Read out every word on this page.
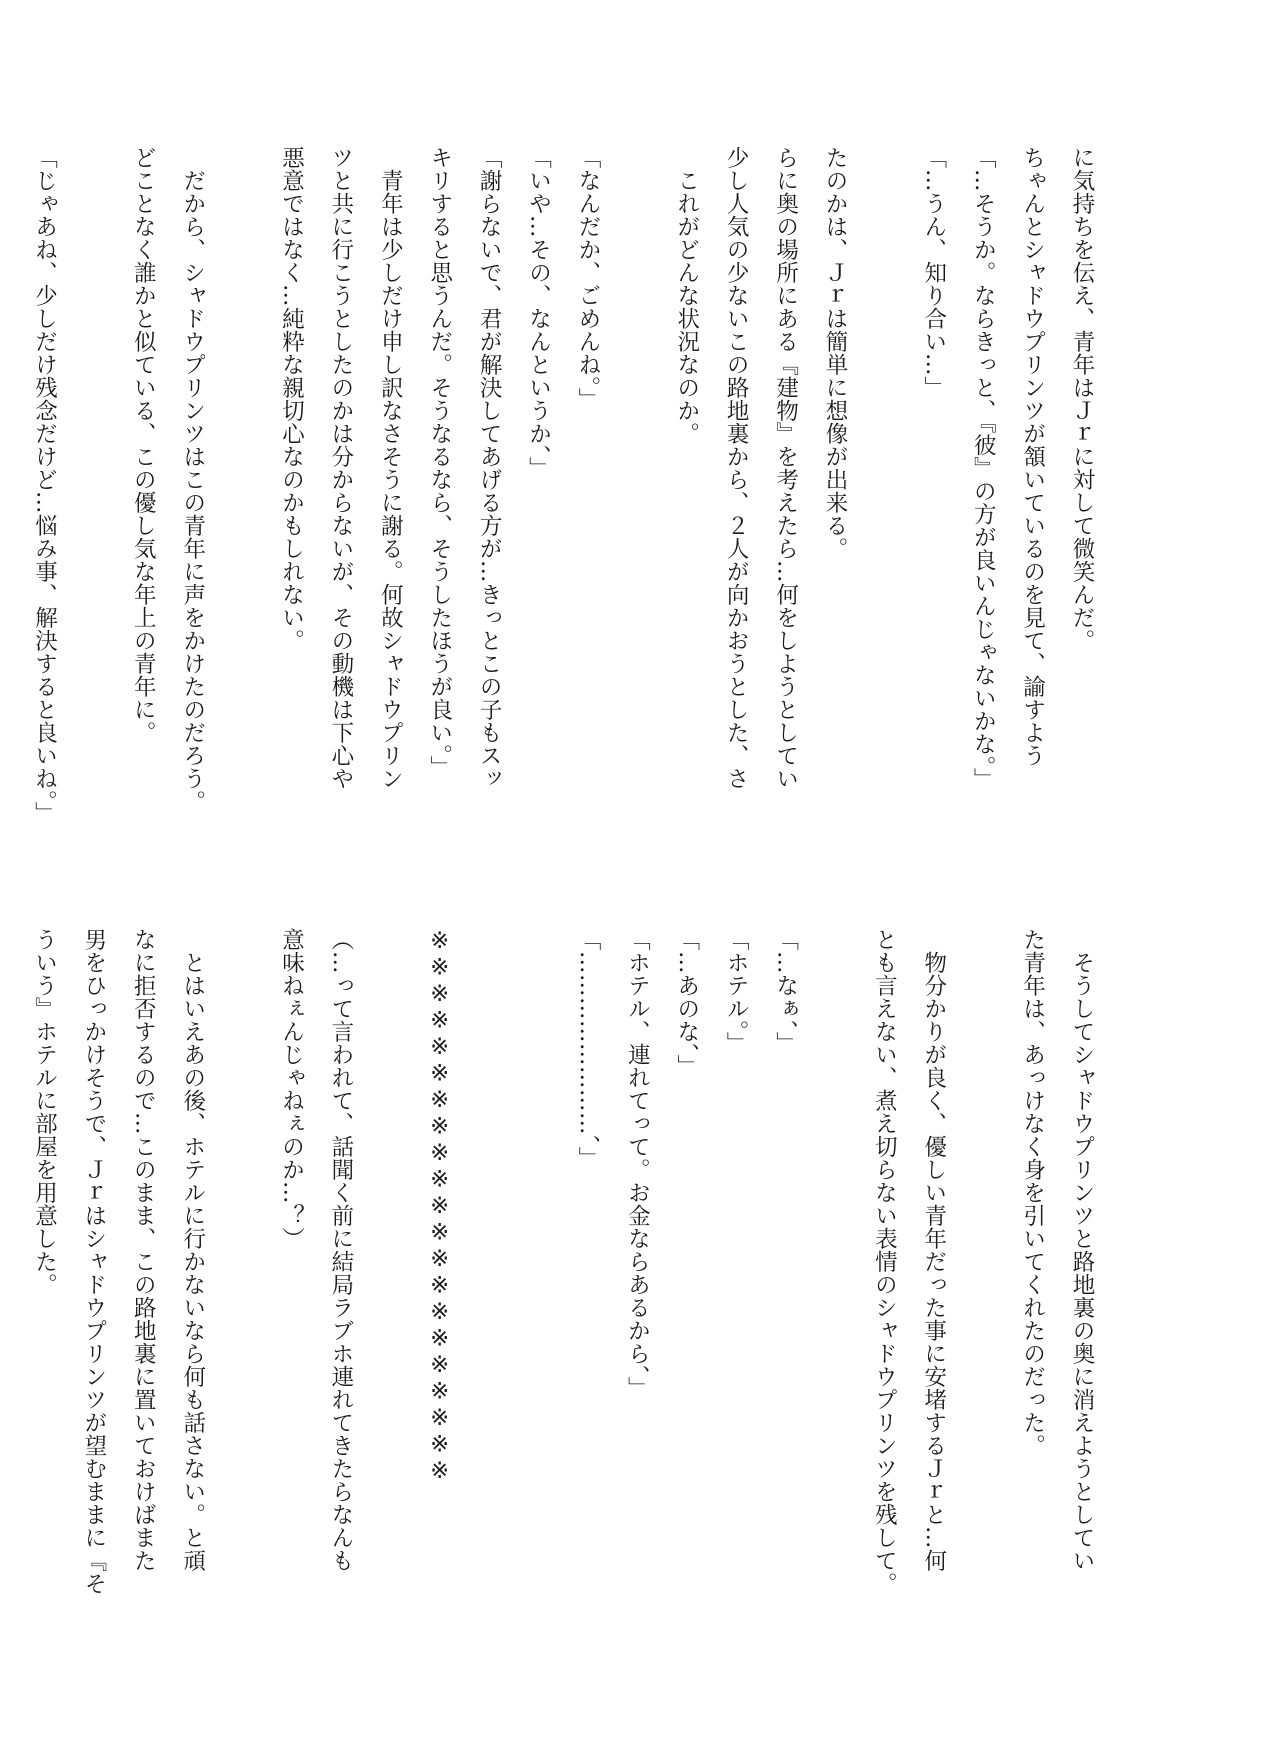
に気持ちを伝え、青年はＪｒに対して微笑んだ。
ちゃんとシャドウプリンツが頷いているのを見て、諭すよう
「…そうか。ならきっと、『彼』の方が良いんじゃないかな。」
「…うん、知り合い…」

たのかは、Ｊｒは簡単に想像が出来る。
らに奥の場所にある『建物』を考えたら…何をしようとしてい
少し人気の少ないこの路地裏から、２人が向かおうとした、さ
　これがどんな状況なのか。

「なんだか、ごめんね。」
「いや…その、なんというか、」
「謝らないで、君が解決してあげる方が…きっとこの子もスッ
キリすると思うんだ。そうなるなら、そうしたほうが良い。」
　青年は少しだけ申し訳なさそうに謝る。何故シャドウプリン
ツと共に行こうとしたのかは分からないが、その動機は下心や
悪意ではなく…純粋な親切心なのかもしれない。

　だから、シャドウプリンツはこの青年に声をかけたのだろう。
どことなく誰かと似ている、この優し気な年上の青年に。

「じゃあね、少しだけ残念だけど…悩み事、解決すると良いね。」
　そうしてシャドウプリンツと路地裏の奥に消えようとしてい
た青年は、あっけなく身を引いてくれたのだった。

　物分かりが良く、優しい青年だった事に安堵するＪｒと…何
とも言えない、煮え切らない表情のシャドウプリンツを残して。

「…なぁ、」
「ホテル。」
「…あのな、」
「ホテル、連れてって。お金ならあるから、」
「……………………、」

※※※※※※※※※※※※※※※※※※※※※

（…って言われて、話聞く前に結局ラブホ連れてきたらなんも
意味ねぇんじゃねぇのか…？）

　とはいえあの後、ホテルに行かないなら何も話さない。と頑
なに拒否するので…このまま、この路地裏に置いておけばまた
男をひっかけそうで、Ｊｒはシャドウプリンツが望むままに『そ
ういう』ホテルに部屋を用意した。
